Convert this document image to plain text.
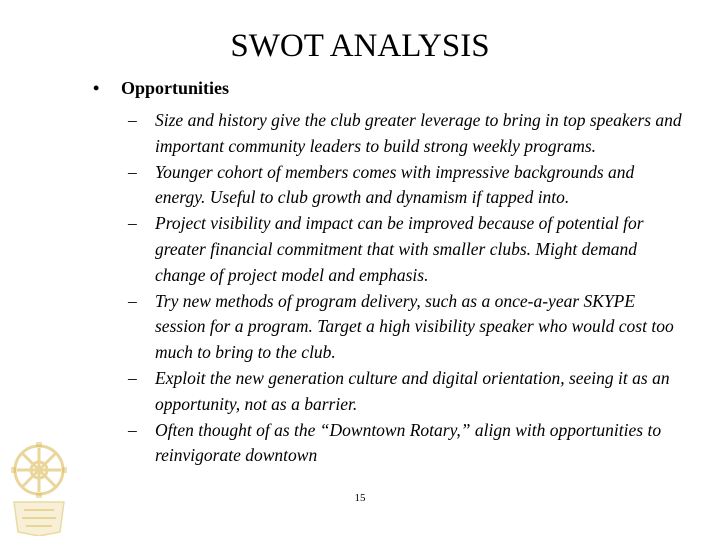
SWOT ANALYSIS
• Opportunities
– Size and history give the club greater leverage to bring in top speakers and important community leaders to build strong weekly programs.
– Younger cohort of members comes with impressive backgrounds and energy. Useful to club growth and dynamism if tapped into.
– Project visibility and impact can be improved because of potential for greater financial commitment that with smaller clubs. Might demand change of project model and emphasis.
– Try new methods of program delivery, such as a once-a-year SKYPE session for a program. Target a high visibility speaker who would cost too much to bring to the club.
– Exploit the new generation culture and digital orientation, seeing it as an opportunity, not as a barrier.
– Often thought of as the “Downtown Rotary,” align with opportunities to reinvigorate downtown
15
